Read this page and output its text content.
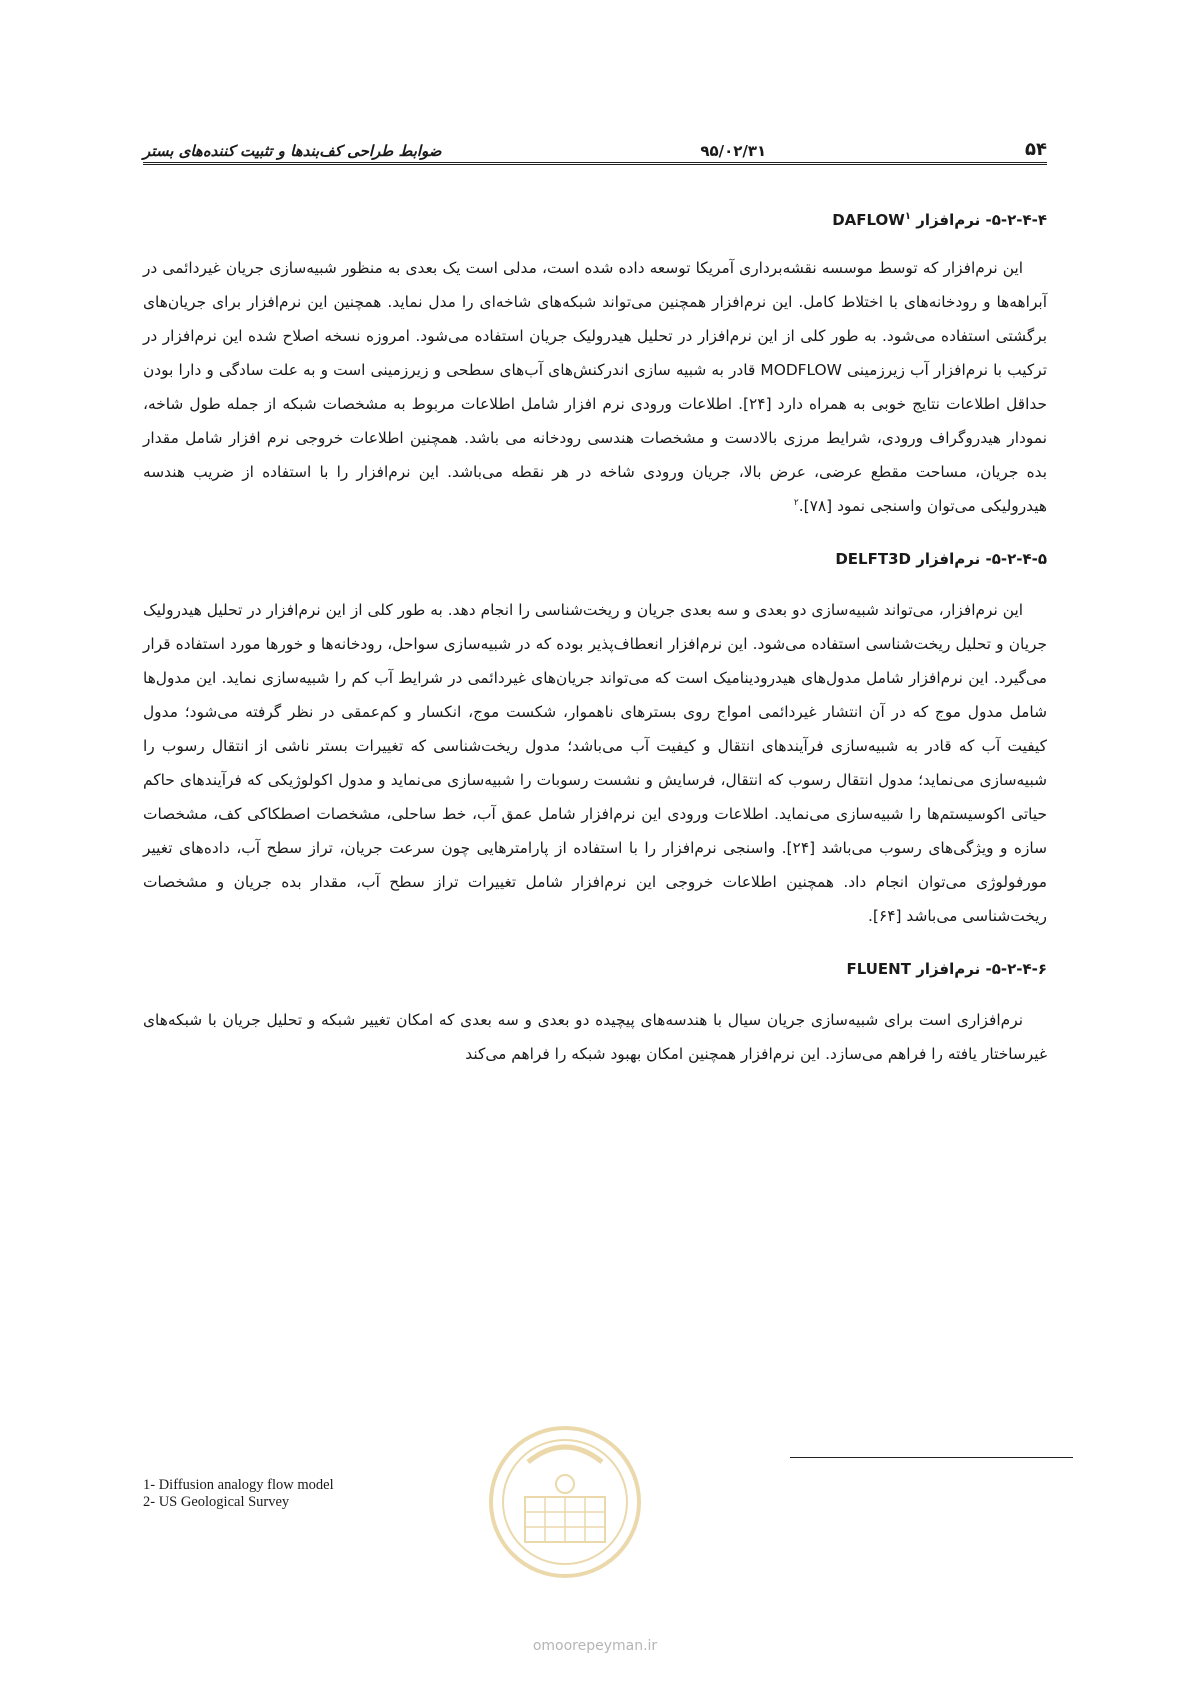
۵۴
۹۵/۰۲/۳۱
ضوابط طراحی کف‌بندها و تثبیت کننده‌های بستر
۵-۲-۴-۴- نرم‌افزار DAFLOW$^۱$

این نرم‌افزار که توسط موسسه نقشه‌برداری آمریکا توسعه داده شده است، مدلی است یک بعدی به منظور شبیه‌سازی جریان غیردائمی در آبراهه‌ها و رودخانه‌های با اختلاط کامل. این نرم‌افزار همچنین می‌تواند شبکه‌های شاخه‌ای را مدل نماید. همچنین این نرم‌افزار برای جریان‌های برگشتی استفاده می‌شود. به طور کلی از این نرم‌افزار در تحلیل هیدرولیک جریان استفاده می‌شود. امروزه نسخه اصلاح شده این نرم‌افزار در ترکیب با نرم‌افزار آب زیرزمینی MODFLOW قادر به شبیه سازی اندرکنش‌های آب‌های سطحی و زیرزمینی است و به علت سادگی و دارا بودن حداقل اطلاعات نتایج خوبی به همراه دارد [۲۴]. اطلاعات ورودی نرم افزار شامل اطلاعات مربوط به مشخصات شبکه از جمله طول شاخه، نمودار هیدروگراف ورودی، شرایط مرزی بالادست و مشخصات هندسی رودخانه می باشد. همچنین اطلاعات خروجی نرم افزار شامل مقدار بده جریان، مساحت مقطع عرضی، عرض بالا، جریان ورودی شاخه در هر نقطه می‌باشد. این نرم‌افزار را با استفاده از ضریب هندسه هیدرولیکی می‌توان واسنجی نمود [۷۸].$^۲$

۵-۲-۴-۵- نرم‌افزار DELFT3D

این نرم‌افزار، می‌تواند شبیه‌سازی دو بعدی و سه بعدی جریان و ریخت‌شناسی را انجام دهد. به طور کلی از این نرم‌افزار در تحلیل هیدرولیک جریان و تحلیل ریخت‌شناسی استفاده می‌شود. این نرم‌افزار انعطاف‌پذیر بوده که در شبیه‌سازی سواحل، رودخانه‌ها و خورها مورد استفاده قرار می‌گیرد. این نرم‌افزار شامل مدول‌های هیدرودینامیک است که می‌تواند جریان‌های غیردائمی در شرایط آب کم را شبیه‌سازی نماید. این مدول‌ها شامل مدول موج که در آن انتشار غیردائمی امواج روی بسترهای ناهموار، شکست موج، انکسار و کم‌عمقی در نظر گرفته می‌شود؛ مدول کیفیت آب که قادر به شبیه‌سازی فرآیندهای انتقال و کیفیت آب می‌باشد؛ مدول ریخت‌شناسی که تغییرات بستر ناشی از انتقال رسوب را شبیه‌سازی می‌نماید؛ مدول انتقال رسوب که انتقال، فرسایش و نشست رسوبات را شبیه‌سازی می‌نماید و مدول اکولوژیکی که فرآیندهای حاکم حیاتی اکوسیستم‌ها را شبیه‌سازی می‌نماید. اطلاعات ورودی این نرم‌افزار شامل عمق آب، خط ساحلی، مشخصات اصطکاکی کف، مشخصات سازه و ویژگی‌های رسوب می‌باشد [۲۴]. واسنجی نرم‌افزار را با استفاده از پارامترهایی چون سرعت جریان، تراز سطح آب، داده‌های تغییر مورفولوژی می‌توان انجام داد. همچنین اطلاعات خروجی این نرم‌افزار شامل تغییرات تراز سطح آب، مقدار بده جریان و مشخصات ریخت‌شناسی می‌باشد [۶۴].

۵-۲-۴-۶- نرم‌افزار FLUENT

نرم‌افزاری است برای شبیه‌سازی جریان سیال با هندسه‌های پیچیده دو بعدی و سه بعدی که امکان تغییر شبکه و تحلیل جریان با شبکه‌های غیرساختار یافته را فراهم می‌سازد. این نرم‌افزار همچنین امکان بهبود شبکه را فراهم می‌کند

1- Diffusion analogy flow model
2- US Geological Survey
omoorepeyman.ir
